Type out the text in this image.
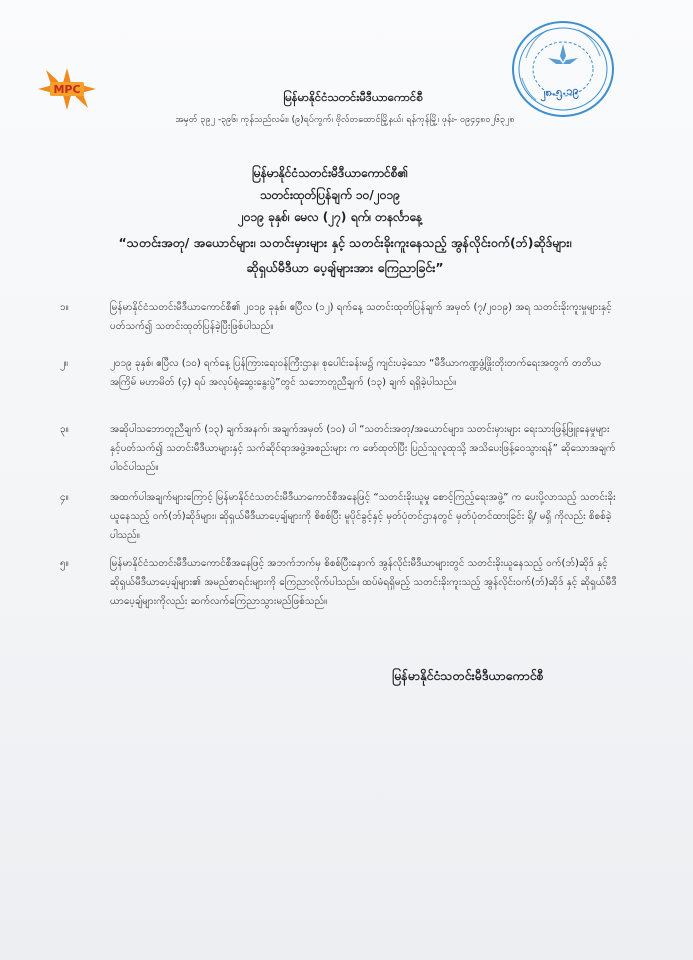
MPC	၂၈.၅.၁၉
မြန်မာနိုင်ငံသတင်းမီဒီယာကောင်စီ
အမှတ် ၃၉၂ -၃၉၆၊ ကုန်သည်လမ်း၊ (၉)ရပ်ကွက်၊ ဗိုလ်တထောင်မြို့နယ်၊ ရန်ကုန်မြို့၊ ဖုန်း- ၀၉၄၄၈၀၂၆၃၂၈
မြန်မာနိုင်ငံသတင်းမီဒီယာကောင်စီ၏
သတင်းထုတ်ပြန်ချက် ၁၀/၂၀၁၉
၂၀၁၉ ခုနှစ်၊ မေလ (၂၇) ရက်၊ တနင်္လာနေ့
“သတင်းအတု/ အယောင်များ၊ သတင်းမှားများ နှင့် သတင်းခိုးကူးနေသည့် အွန်လိုင်းဝက်(ဘ်)ဆိုဒ်များ၊
ဆိုရှယ်မီဒီယာ ပေ့ချ်များအား ကြေညာခြင်း”
၁။	မြန်မာနိုင်ငံသတင်းမီဒီယာကောင်စီ၏ ၂၀၁၉ ခုနှစ်၊ ဧပြီလ (၁၂) ရက်နေ့ သတင်းထုတ်ပြန်ချက် အမှတ် (၇/၂၀၁၉) အရ သတင်းခိုးကူးမှုများနှင့်ပတ်သက်၍ သတင်းထုတ်ပြန်ခဲ့ပြီးဖြစ်ပါသည်။
၂။	၂၀၁၉ ခုနှစ်၊ ဧပြီလ (၁၀) ရက်နေ့ ပြန်ကြားရေးဝန်ကြီးဌာန၊ စုပေါင်းခန်းမ၌ ကျင်းပခဲ့သော “မီဒီယာကဏ္ဍဖွံ့ဖြိုးတိုးတက်ရေးအတွက် တတိယအကြိမ် မဟာမိတ် (၄) ရပ် အလုပ်ရုံဆွေးနွေးပွဲ”တွင် သဘောတူညီချက် (၁၃) ချက် ရရှိခဲ့ပါသည်။
၃။	အဆိုပါသဘောတူညီချက် (၁၃) ချက်အနက်၊ အချက်အမှတ် (၁၀) ပါ “သတင်းအတု/အယောင်များ၊ သတင်းမှားများ ရေးသားဖြန့်ဖြူးနေမှုများနှင့်ပတ်သက်၍ သတင်းမီဒီယာများနှင့် သက်ဆိုင်ရာအဖွဲ့အစည်းများ က ဖော်ထုတ်ပြီး ပြည်သူလူထုသို့ အသိပေးဖြန့်ဝေသွားရန်” ဆိုသောအချက် ပါဝင်ပါသည်။
၄။	အထက်ပါအချက်များကြောင့် မြန်မာနိုင်ငံသတင်းမီဒီယာကောင်စီအနေဖြင့် “သတင်းခိုးယူမှု စောင့်ကြည့်ရေးအဖွဲ့” က ပေးပို့လာသည့် သတင်းခိုးယူနေသည့် ဝက်(ဘ်)ဆိုဒ်များ၊ ဆိုရှယ်မီဒီယာပေ့ချ်များကို စိစစ်ပြီး မူပိုင်ခွင့်နှင့် မှတ်ပုံတင်ဌာနတွင် မှတ်ပုံတင်ထားခြင်း ရှိ/ မရှိ ကိုလည်း စိစစ်ခဲ့ပါသည်။
၅။	မြန်မာနိုင်ငံသတင်းမီဒီယာကောင်စီအနေဖြင့် အဘက်ဘက်မှ စိစစ်ပြီးနောက် အွန်လိုင်းမီဒီယာများတွင် သတင်းခိုးယူနေသည့် ဝက်(ဘ်)ဆိုဒ် နှင့် ဆိုရှယ်မီဒီယာပေ့ချ်များ၏ အမည်စာရင်းများကို ကြေညာလိုက်ပါသည်။ ထပ်မံရရှိမည့် သတင်းခိုးကူးသည့် အွန်လိုင်းဝက်(ဘ်)ဆိုဒ် နှင့် ဆိုရှယ်မီဒီယာပေ့ချ်များကိုလည်း ဆက်လက်ကြေညာသွားမည်ဖြစ်သည်။
မြန်မာနိုင်ငံသတင်းမီဒီယာကောင်စီ
